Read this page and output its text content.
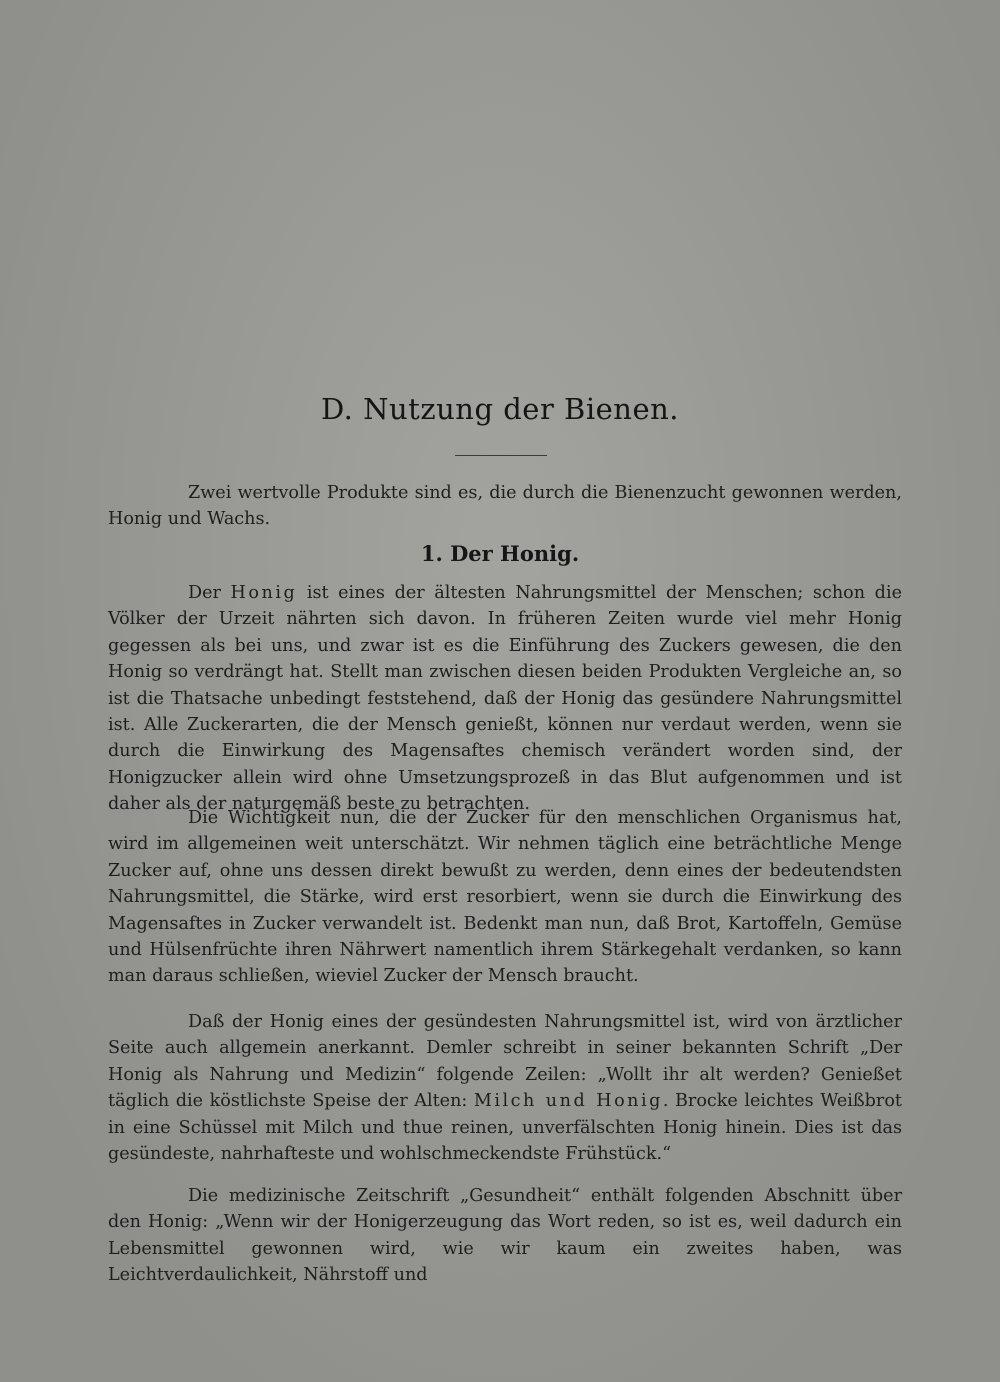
D. Nutzung der Bienen.

Zwei wertvolle Produkte sind es, die durch die Bienenzucht gewonnen werden, Honig und Wachs.

1. Der Honig.

Der Honig ist eines der ältesten Nahrungsmittel der Menschen; schon die Völker der Urzeit nährten sich davon. In früheren Zeiten wurde viel mehr Honig gegessen als bei uns, und zwar ist es die Einführung des Zuckers gewesen, die den Honig so verdrängt hat. Stellt man zwischen diesen beiden Produkten Vergleiche an, so ist die Thatsache unbedingt feststehend, daß der Honig das gesündere Nahrungsmittel ist. Alle Zuckerarten, die der Mensch genießt, können nur verdaut werden, wenn sie durch die Einwirkung des Magensaftes chemisch verändert worden sind, der Honigzucker allein wird ohne Umsetzungsprozeß in das Blut aufgenommen und ist daher als der naturgemäß beste zu betrachten.

Die Wichtigkeit nun, die der Zucker für den menschlichen Organismus hat, wird im allgemeinen weit unterschätzt. Wir nehmen täglich eine beträchtliche Menge Zucker auf, ohne uns dessen direkt bewußt zu werden, denn eines der bedeutendsten Nahrungsmittel, die Stärke, wird erst resorbiert, wenn sie durch die Einwirkung des Magensaftes in Zucker verwandelt ist. Bedenkt man nun, daß Brot, Kartoffeln, Gemüse und Hülsenfrüchte ihren Nährwert namentlich ihrem Stärkegehalt verdanken, so kann man daraus schließen, wieviel Zucker der Mensch braucht.

Daß der Honig eines der gesündesten Nahrungsmittel ist, wird von ärztlicher Seite auch allgemein anerkannt. Demler schreibt in seiner bekannten Schrift „Der Honig als Nahrung und Medizin“ folgende Zeilen: „Wollt ihr alt werden? Genießet täglich die köstlichste Speise der Alten: Milch und Honig. Brocke leichtes Weißbrot in eine Schüssel mit Milch und thue reinen, unverfälschten Honig hinein. Dies ist das gesündeste, nahrhafteste und wohlschmeckendste Frühstück.“

Die medizinische Zeitschrift „Gesundheit“ enthält folgenden Abschnitt über den Honig: „Wenn wir der Honigerzeugung das Wort reden, so ist es, weil dadurch ein Lebensmittel gewonnen wird, wie wir kaum ein zweites haben, was Leichtverdaulichkeit, Nährstoff und
